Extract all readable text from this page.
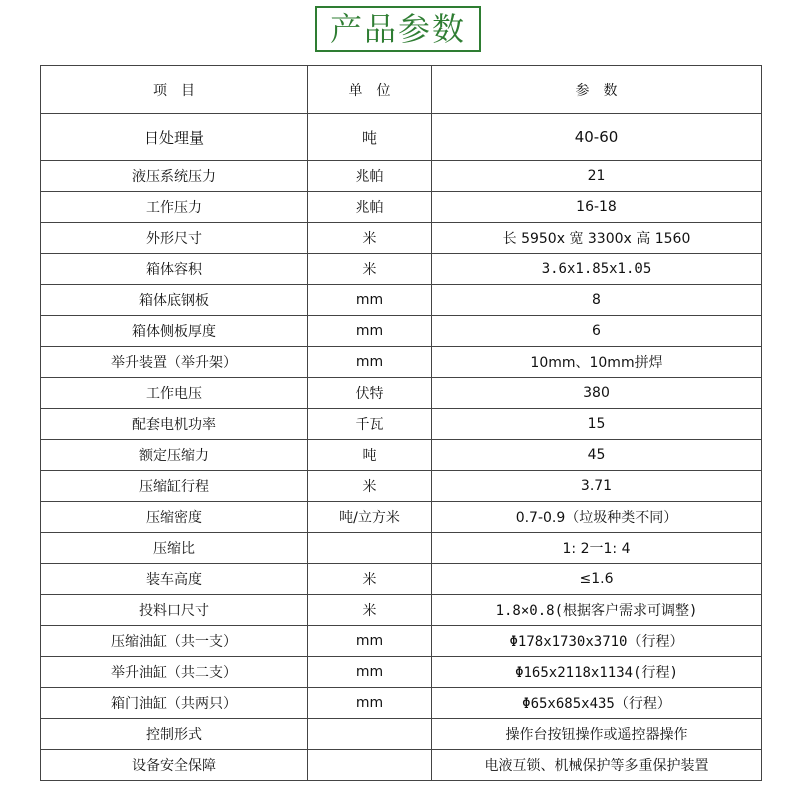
产品参数
项　目	单　位	参　数
日处理量	吨	40-60
液压系统压力	兆帕	21
工作压力	兆帕	16-18
外形尺寸	米	长 5950x 宽 3300x 高 1560
箱体容积	米	3.6x1.85x1.05
箱体底钢板	mm	8
箱体侧板厚度	mm	6
举升装置（举升架）	mm	10mm、10mm拼焊
工作电压	伏特	380
配套电机功率	千瓦	15
额定压缩力	吨	45
压缩缸行程	米	3.71
压缩密度	吨/立方米	0.7-0.9（垃圾种类不同）
压缩比		1: 2一1: 4
装车高度	米	≤1.6
投料口尺寸	米	1.8×0.8(根据客户需求可调整)
压缩油缸（共一支）	mm	Φ178x1730x3710（行程）
举升油缸（共二支）	mm	Φ165x2118x1134(行程)
箱门油缸（共两只）	mm	Φ65x685x435（行程）
控制形式		操作台按钮操作或遥控器操作
设备安全保障		电液互锁、机械保护等多重保护装置
